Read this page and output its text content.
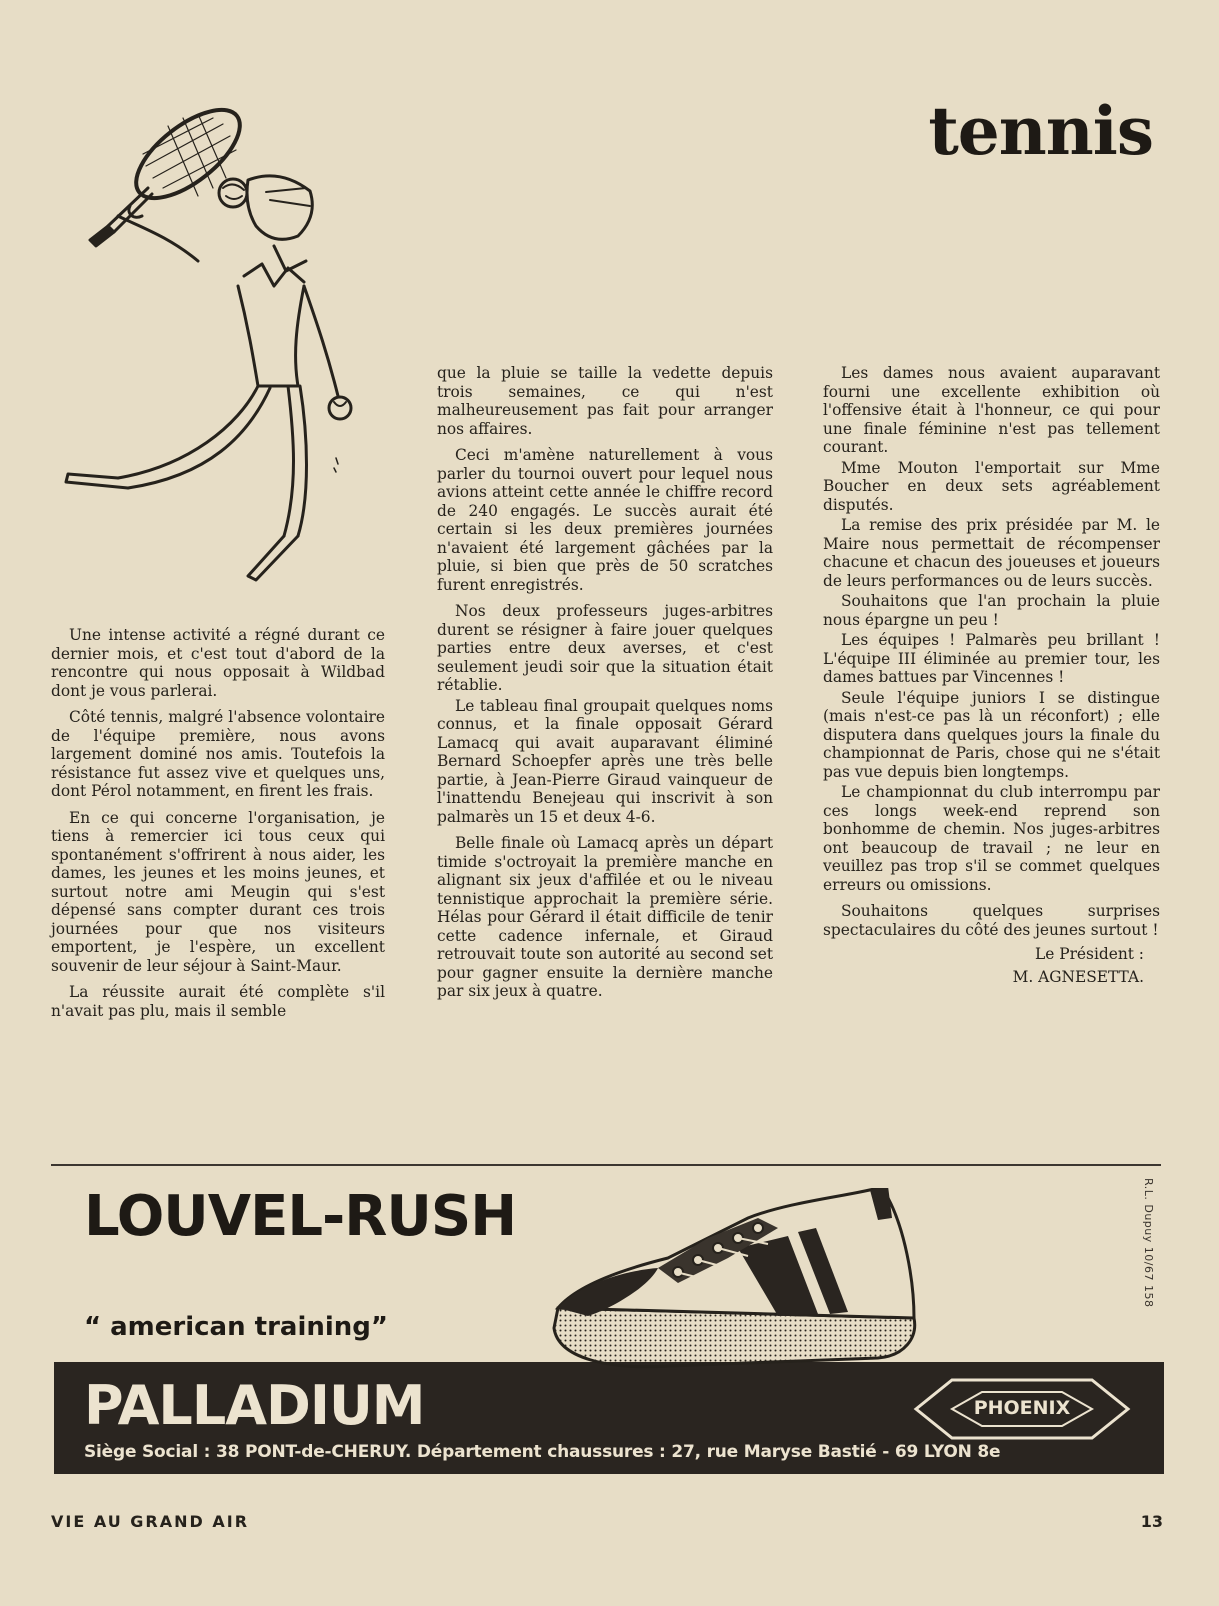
tennis

Une intense activité a régné durant ce dernier mois, et c'est tout d'abord de la rencontre qui nous opposait à Wildbad dont je vous parlerai.

Côté tennis, malgré l'absence volontaire de l'équipe première, nous avons largement dominé nos amis. Toutefois la résistance fut assez vive et quelques uns, dont Pérol notamment, en firent les frais.

En ce qui concerne l'organisation, je tiens à remercier ici tous ceux qui spontanément s'offrirent à nous aider, les dames, les jeunes et les moins jeunes, et surtout notre ami Meugin qui s'est dépensé sans compter durant ces trois journées pour que nos visiteurs emportent, je l'espère, un excellent souvenir de leur séjour à Saint-Maur.

La réussite aurait été complète s'il n'avait pas plu, mais il semble

que la pluie se taille la vedette depuis trois semaines, ce qui n'est malheureusement pas fait pour arranger nos affaires.

Ceci m'amène naturellement à vous parler du tournoi ouvert pour lequel nous avions atteint cette année le chiffre record de 240 engagés. Le succès aurait été certain si les deux premières journées n'avaient été largement gâchées par la pluie, si bien que près de 50 scratches furent enregistrés.

Nos deux professeurs juges-arbitres durent se résigner à faire jouer quelques parties entre deux averses, et c'est seulement jeudi soir que la situation était rétablie.

Le tableau final groupait quelques noms connus, et la finale opposait Gérard Lamacq qui avait auparavant éliminé Bernard Schoepfer après une très belle partie, à Jean-Pierre Giraud vainqueur de l'inattendu Benejeau qui inscrivit à son palmarès un 15 et deux 4-6.

Belle finale où Lamacq après un départ timide s'octroyait la première manche en alignant six jeux d'affilée et ou le niveau tennistique approchait la première série. Hélas pour Gérard il était difficile de tenir cette cadence infernale, et Giraud retrouvait toute son autorité au second set pour gagner ensuite la dernière manche par six jeux à quatre.

Les dames nous avaient auparavant fourni une excellente exhibition où l'offensive était à l'honneur, ce qui pour une finale féminine n'est pas tellement courant.

Mme Mouton l'emportait sur Mme Boucher en deux sets agréablement disputés.

La remise des prix présidée par M. le Maire nous permettait de récompenser chacune et chacun des joueuses et joueurs de leurs performances ou de leurs succès.

Souhaitons que l'an prochain la pluie nous épargne un peu !

Les équipes ! Palmarès peu brillant ! L'équipe III éliminée au premier tour, les dames battues par Vincennes !

Seule l'équipe juniors I se distingue (mais n'est-ce pas là un réconfort) ; elle disputera dans quelques jours la finale du championnat de Paris, chose qui ne s'était pas vue depuis bien longtemps.

Le championnat du club interrompu par ces longs week-end reprend son bonhomme de chemin. Nos juges-arbitres ont beaucoup de travail ; ne leur en veuillez pas trop s'il se commet quelques erreurs ou omissions.

Souhaitons quelques surprises spectaculaires du côté des jeunes surtout !

Le Président :

M. AGNESETTA.

R.L. Dupuy 10/67 158
LOUVEL-RUSH
“ american training”
PALLADIUM
Siège Social : 38 PONT-de-CHERUY. Département chaussures : 27, rue Maryse Bastié - 69 LYON 8e
PHOENIX
VIE AU GRAND AIR	13
